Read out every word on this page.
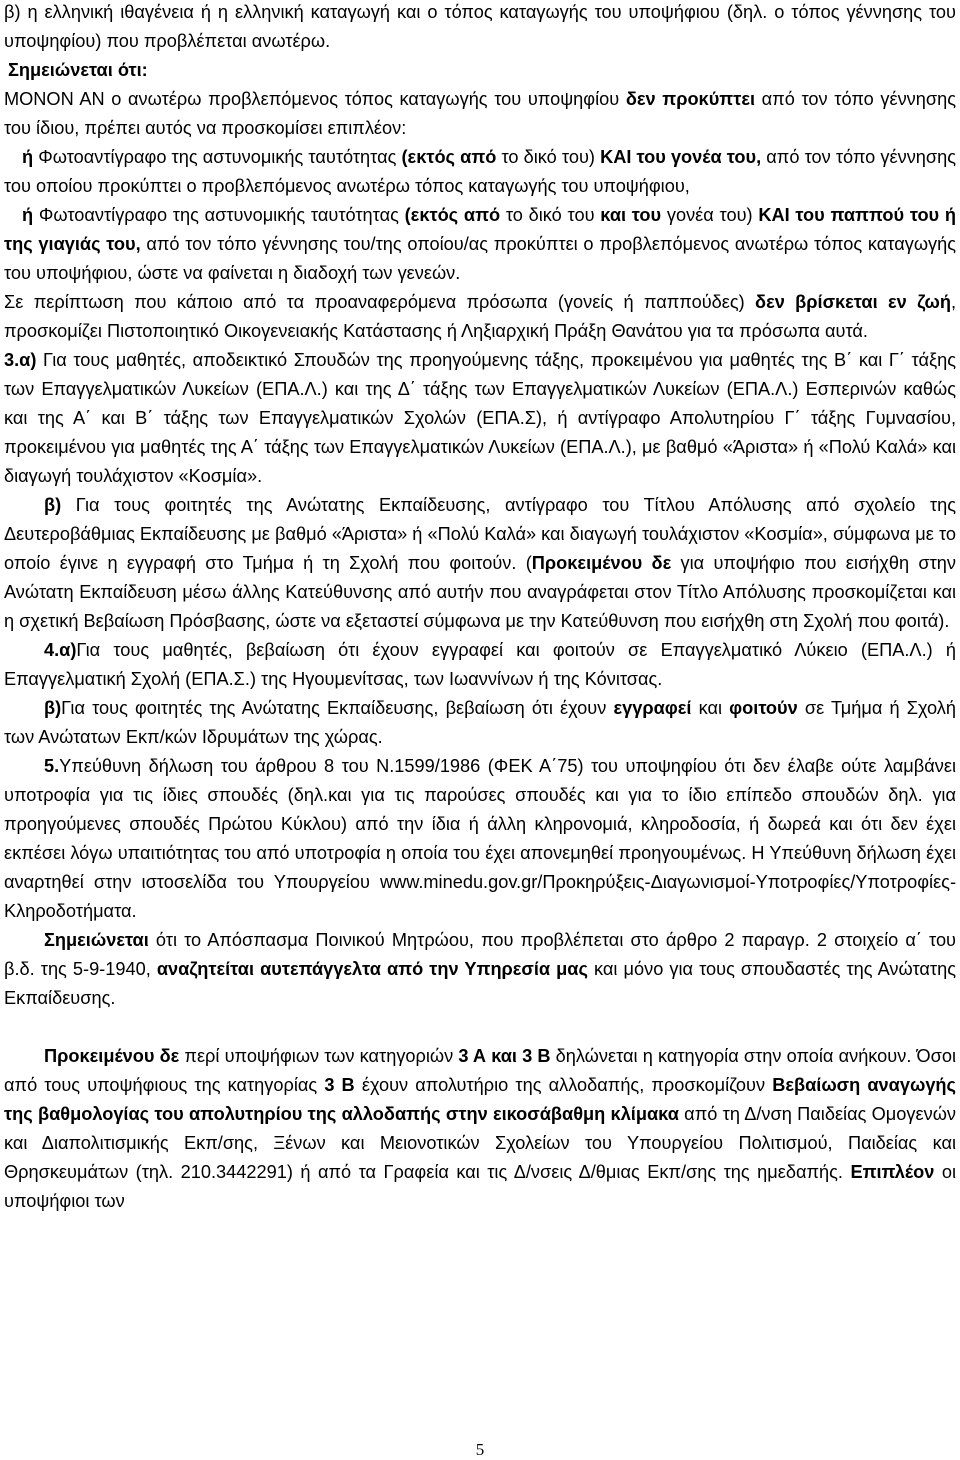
β) η ελληνική ιθαγένεια ή η ελληνική καταγωγή και ο τόπος καταγωγής του υποψήφιου (δηλ. ο τόπος γέννησης του υποψηφίου) που προβλέπεται ανωτέρω.

Σημειώνεται ότι:

ΜΟΝΟΝ ΑΝ ο ανωτέρω προβλεπόμενος τόπος καταγωγής του υποψηφίου δεν προκύπτει από τον τόπο γέννησης του ίδιου, πρέπει αυτός να προσκομίσει επιπλέον:

ή Φωτοαντίγραφο της αστυνομικής ταυτότητας (εκτός από το δικό του) ΚΑΙ του γονέα του, από τον τόπο γέννησης του οποίου προκύπτει ο προβλεπόμενος ανωτέρω τόπος καταγωγής του υποψήφιου,

ή Φωτοαντίγραφο της αστυνομικής ταυτότητας (εκτός από το δικό του και του γονέα του) ΚΑΙ του παππού του ή της γιαγιάς του, από τον τόπο γέννησης του/της οποίου/ας προκύπτει ο προβλεπόμενος ανωτέρω τόπος καταγωγής του υποψήφιου, ώστε να φαίνεται η διαδοχή των γενεών.

Σε περίπτωση που κάποιο από τα προαναφερόμενα πρόσωπα (γονείς ή παππούδες) δεν βρίσκεται εν ζωή, προσκομίζει Πιστοποιητικό Οικογενειακής Κατάστασης ή Ληξιαρχική Πράξη Θανάτου για τα πρόσωπα αυτά.

3.α) Για τους μαθητές, αποδεικτικό Σπουδών της προηγούμενης τάξης, προκειμένου για μαθητές της Β΄ και Γ΄ τάξης των Επαγγελματικών Λυκείων (ΕΠΑ.Λ.) και της Δ΄ τάξης των Επαγγελματικών Λυκείων (ΕΠΑ.Λ.) Εσπερινών καθώς και της Α΄ και Β΄ τάξης των Επαγγελματικών Σχολών (ΕΠΑ.Σ), ή αντίγραφο Απολυτηρίου Γ΄ τάξης Γυμνασίου, προκειμένου για μαθητές της Α΄ τάξης των Επαγγελματικών Λυκείων (ΕΠΑ.Λ.), με βαθμό «Άριστα» ή «Πολύ Καλά» και διαγωγή τουλάχιστον «Κοσμία».

β) Για τους φοιτητές της Ανώτατης Εκπαίδευσης, αντίγραφο του Τίτλου Απόλυσης από σχολείο της Δευτεροβάθμιας Εκπαίδευσης με βαθμό «Άριστα» ή «Πολύ Καλά» και διαγωγή τουλάχιστον «Κοσμία», σύμφωνα με το οποίο έγινε η εγγραφή στο Τμήμα ή τη Σχολή που φοιτούν. (Προκειμένου δε για υποψήφιο που εισήχθη στην Ανώτατη Εκπαίδευση μέσω άλλης Κατεύθυνσης από αυτήν που αναγράφεται στον Τίτλο Απόλυσης προσκομίζεται και η σχετική Βεβαίωση Πρόσβασης, ώστε να εξεταστεί σύμφωνα με την Κατεύθυνση που εισήχθη στη Σχολή που φοιτά).

4.α)Για τους μαθητές, βεβαίωση ότι έχουν εγγραφεί και φοιτούν σε Επαγγελματικό Λύκειο (ΕΠΑ.Λ.) ή Επαγγελματική Σχολή (ΕΠΑ.Σ.) της Ηγουμενίτσας, των Ιωαννίνων ή της Κόνιτσας.

β)Για τους φοιτητές της Ανώτατης Εκπαίδευσης, βεβαίωση ότι έχουν εγγραφεί και φοιτούν σε Τμήμα ή Σχολή των Ανώτατων Εκπ/κών Ιδρυμάτων της χώρας.

5.Υπεύθυνη δήλωση του άρθρου 8 του Ν.1599/1986 (ΦΕΚ Α΄75) του υποψηφίου ότι δεν έλαβε ούτε λαμβάνει υποτροφία για τις ίδιες σπουδές (δηλ.και για τις παρούσες σπουδές και για το ίδιο επίπεδο σπουδών δηλ. για προηγούμενες σπουδές Πρώτου Κύκλου) από την ίδια ή άλλη κληρονομιά, κληροδοσία, ή δωρεά και ότι δεν έχει εκπέσει λόγω υπαιτιότητας του από υποτροφία η οποία του έχει απονεμηθεί προηγουμένως. Η Υπεύθυνη δήλωση έχει αναρτηθεί στην ιστοσελίδα του Υπουργείου www.minedu.gov.gr/Προκηρύξεις-Διαγωνισμοί-Υποτροφίες/Υποτροφίες-Κληροδοτήματα.

Σημειώνεται ότι το Απόσπασμα Ποινικού Μητρώου, που προβλέπεται στο άρθρο 2 παραγρ. 2 στοιχείο α΄ του β.δ. της 5-9-1940, αναζητείται αυτεπάγγελτα από την Υπηρεσία μας και μόνο για τους σπουδαστές της Ανώτατης Εκπαίδευσης.

Προκειμένου δε περί υποψήφιων των κατηγοριών 3 Α και 3 Β δηλώνεται η κατηγορία στην οποία ανήκουν. Όσοι από τους υποψήφιους της κατηγορίας 3 Β έχουν απολυτήριο της αλλοδαπής, προσκομίζουν Βεβαίωση αναγωγής της βαθμολογίας του απολυτηρίου της αλλοδαπής στην εικοσάβαθμη κλίμακα από τη Δ/νση Παιδείας Ομογενών και Διαπολιτισμικής Εκπ/σης, Ξένων και Μειονοτικών Σχολείων του Υπουργείου Πολιτισμού, Παιδείας και Θρησκευμάτων (τηλ. 210.3442291) ή από τα Γραφεία και τις Δ/νσεις Δ/θμιας Εκπ/σης της ημεδαπής. Επιπλέον οι υποψήφιοι των

5
